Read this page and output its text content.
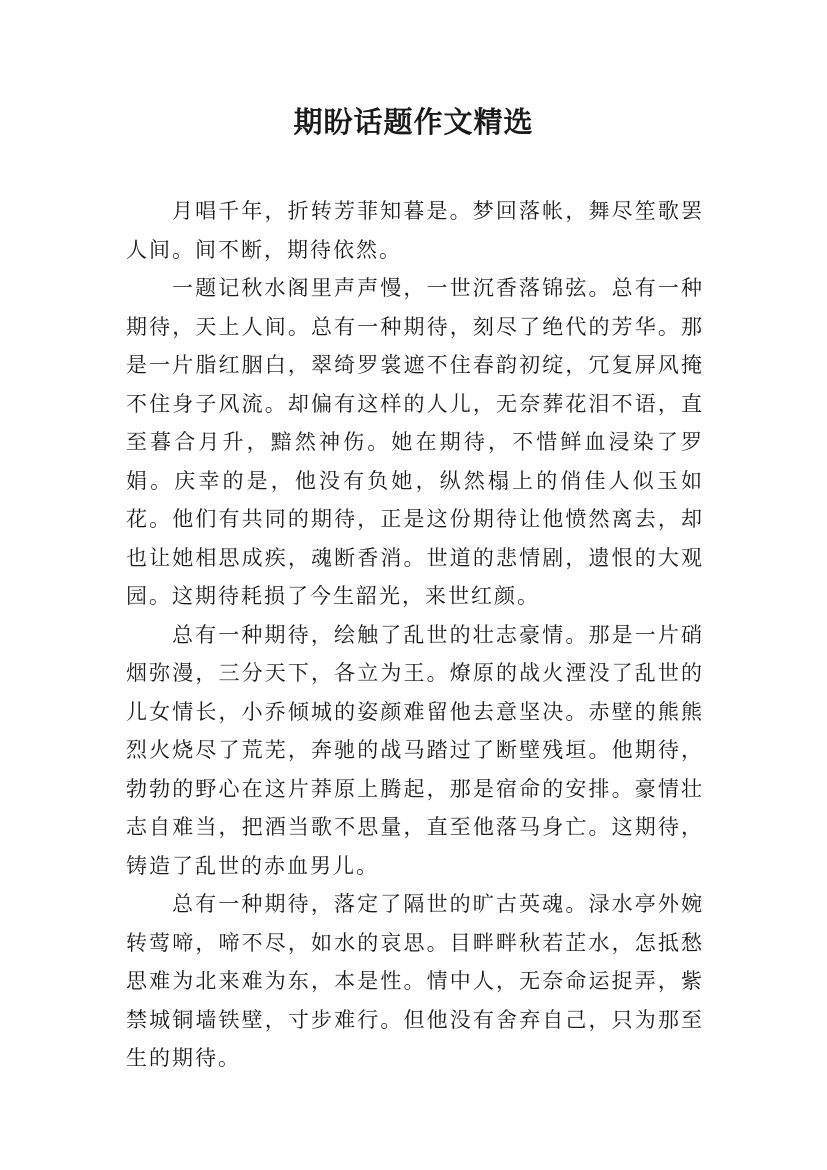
期盼话题作文精选

月唱千年，折转芳菲知暮是。梦回落帐，舞尽笙歌罢人间。间不断，期待依然。

一题记秋水阁里声声慢，一世沉香落锦弦。总有一种期待，天上人间。总有一种期待，刻尽了绝代的芳华。那是一片脂红胭白，翠绮罗裳遮不住春韵初绽，冗复屏风掩不住身子风流。却偏有这样的人儿，无奈葬花泪不语，直至暮合月升，黯然神伤。她在期待，不惜鲜血浸染了罗娟。庆幸的是，他没有负她，纵然榻上的俏佳人似玉如花。他们有共同的期待，正是这份期待让他愤然离去，却也让她相思成疾，魂断香消。世道的悲情剧，遗恨的大观园。这期待耗损了今生韶光，来世红颜。

总有一种期待，绘触了乱世的壮志豪情。那是一片硝烟弥漫，三分天下，各立为王。燎原的战火湮没了乱世的儿女情长，小乔倾城的姿颜难留他去意坚决。赤壁的熊熊烈火烧尽了荒芜，奔驰的战马踏过了断壁残垣。他期待，勃勃的野心在这片莽原上腾起，那是宿命的安排。豪情壮志自难当，把酒当歌不思量，直至他落马身亡。这期待，铸造了乱世的赤血男儿。

总有一种期待，落定了隔世的旷古英魂。渌水亭外婉转莺啼，啼不尽，如水的哀思。目畔畔秋若芷水，怎抵愁思难为北来难为东，本是性。情中人，无奈命运捉弄，紫禁城铜墙铁壁，寸步难行。但他没有舍弃自己，只为那至生的期待。
